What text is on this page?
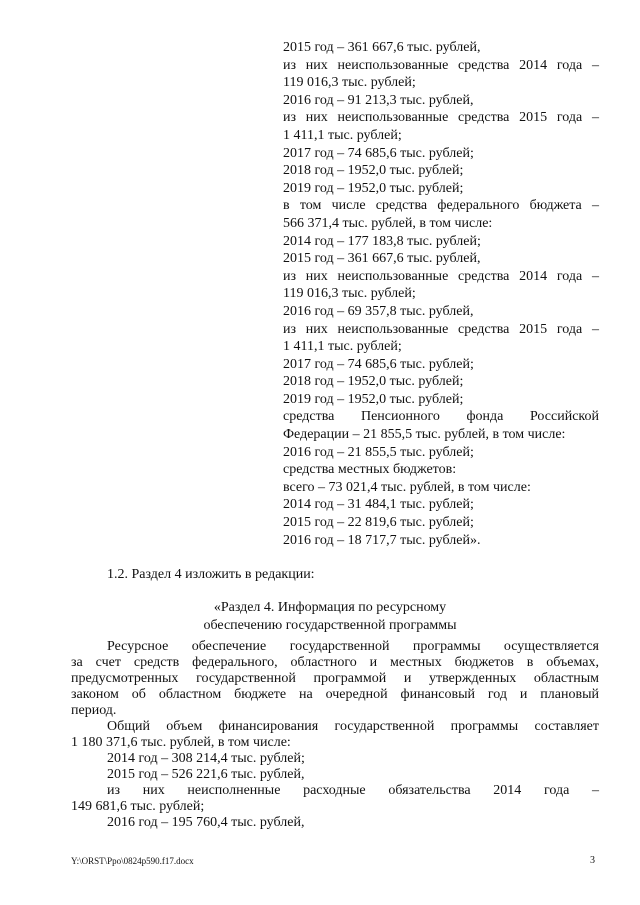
2015 год – 361 667,6 тыс. рублей,
из них неиспользованные средства 2014 года –
119 016,3 тыс. рублей;
2016 год – 91 213,3 тыс. рублей,
из них неиспользованные средства 2015 года –
1 411,1 тыс. рублей;
2017 год – 74 685,6 тыс. рублей;
2018 год – 1952,0 тыс. рублей;
2019 год – 1952,0 тыс. рублей;
в том числе средства федерального бюджета –
566 371,4 тыс. рублей, в том числе:
2014 год – 177 183,8 тыс. рублей;
2015 год – 361 667,6 тыс. рублей,
из них неиспользованные средства 2014 года –
119 016,3 тыс. рублей;
2016 год – 69 357,8 тыс. рублей,
из них неиспользованные средства 2015 года –
1 411,1 тыс. рублей;
2017 год – 74 685,6 тыс. рублей;
2018 год – 1952,0 тыс. рублей;
2019 год – 1952,0 тыс. рублей;
средства Пенсионного фонда Российской
Федерации – 21 855,5 тыс. рублей, в том числе:
2016 год – 21 855,5 тыс. рублей;
средства местных бюджетов:
всего – 73 021,4 тыс. рублей, в том числе:
2014 год – 31 484,1 тыс. рублей;
2015 год – 22 819,6 тыс. рублей;
2016 год – 18 717,7 тыс. рублей».
1.2. Раздел 4 изложить в редакции:
«Раздел 4. Информация по ресурсному
обеспечению государственной программы
Ресурсное обеспечение государственной программы осуществляется
за счет средств федерального, областного и местных бюджетов в объемах,
предусмотренных государственной программой и утвержденных областным
законом об областном бюджете на очередной финансовый год и плановый
период.
Общий объем финансирования государственной программы составляет
1 180 371,6 тыс. рублей, в том числе:
2014 год – 308 214,4 тыс. рублей;
2015 год – 526 221,6 тыс. рублей,
из них неисполненные расходные обязательства 2014 года –
149 681,6 тыс. рублей;
2016 год – 195 760,4 тыс. рублей,
Y:\ORST\Ppo\0824p590.f17.docx	3
